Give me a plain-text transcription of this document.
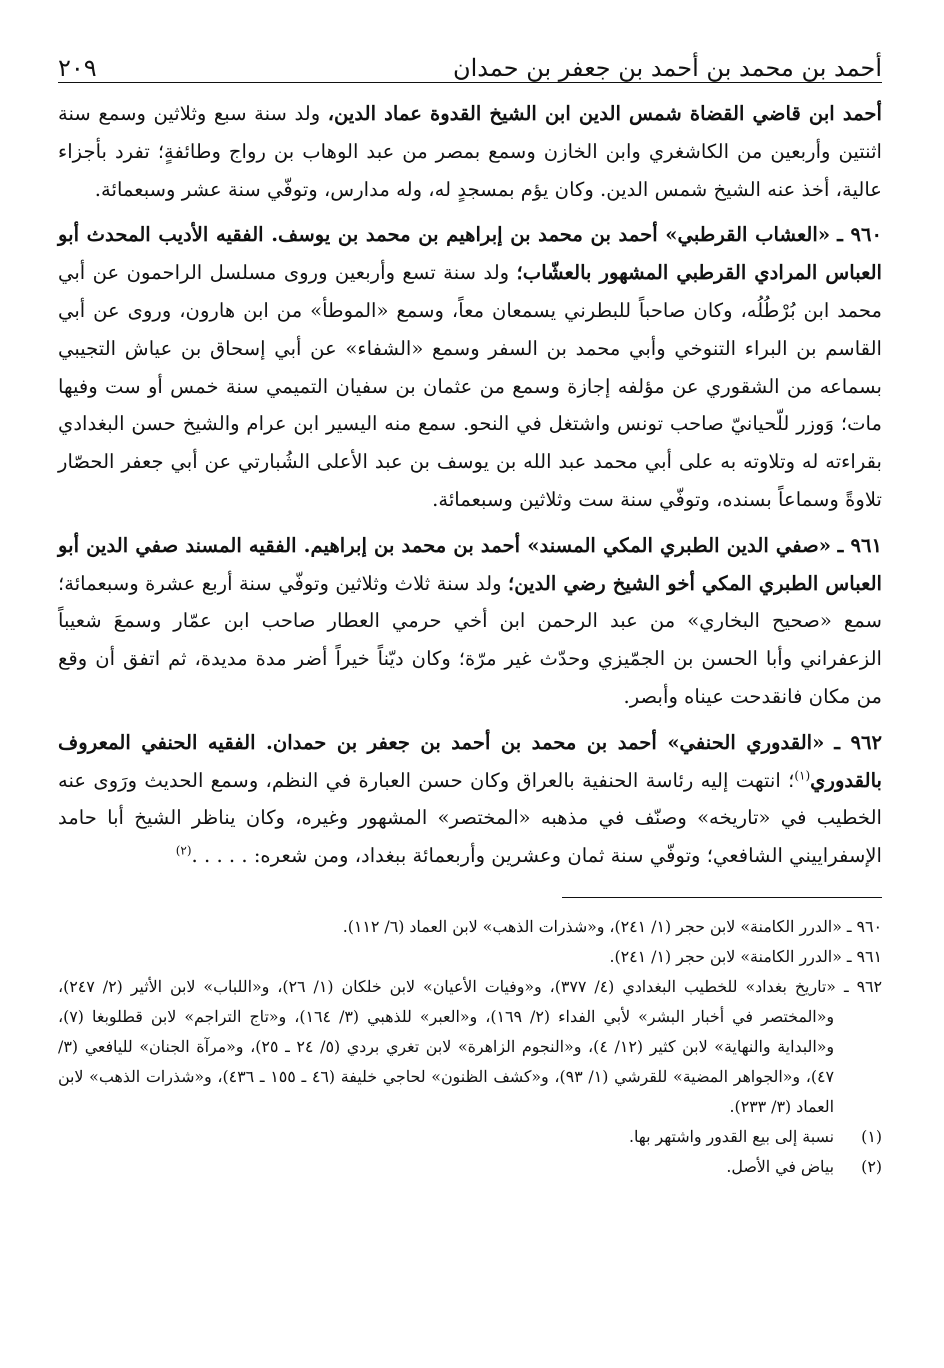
أحمد بن محمد بن أحمد بن جعفر بن حمدان
٢٠٩

أحمد ابن قاضي القضاة شمس الدين ابن الشيخ القدوة عماد الدين، ولد سنة سبع وثلاثين وسمع سنة اثنتين وأربعين من الكاشغري وابن الخازن وسمع بمصر من عبد الوهاب بن رواج وطائفةٍ؛ تفرد بأجزاء عالية، أخذ عنه الشيخ شمس الدين. وكان يؤم بمسجدٍ له، وله مدارس، وتوفّي سنة عشر وسبعمائة.

٩٦٠ ـ «العشاب القرطبي» أحمد بن محمد بن إبراهيم بن محمد بن يوسف. الفقيه الأديب المحدث أبو العباس المرادي القرطبي المشهور بالعشّاب؛ ولد سنة تسع وأربعين وروى مسلسل الراحمون عن أبي محمد ابن بُرْطُلُه، وكان صاحباً للبطرني يسمعان معاً، وسمع «الموطأ» من ابن هارون، وروى عن أبي القاسم بن البراء التنوخي وأبي محمد بن السفر وسمع «الشفاء» عن أبي إسحاق بن عياش التجيبي بسماعه من الشقوري عن مؤلفه إجازة وسمع من عثمان بن سفيان التميمي سنة خمس أو ست وفيها مات؛ وَوزر للّحيانيّ صاحب تونس واشتغل في النحو. سمع منه اليسير ابن عرام والشيخ حسن البغدادي بقراءته له وتلاوته به على أبي محمد عبد الله بن يوسف بن عبد الأعلى الشُبارتي عن أبي جعفر الحصّار تلاوةً وسماعاً بسنده، وتوفّي سنة ست وثلاثين وسبعمائة.

٩٦١ ـ «صفي الدين الطبري المكي المسند» أحمد بن محمد بن إبراهيم. الفقيه المسند صفي الدين أبو العباس الطبري المكي أخو الشيخ رضي الدين؛ ولد سنة ثلاث وثلاثين وتوفّي سنة أربع عشرة وسبعمائة؛ سمع «صحيح البخاري» من عبد الرحمن ابن أخي حرمي العطار صاحب ابن عمّار وسمعَ شعيباً الزعفراني وأبا الحسن بن الجمّيزي وحدّث غير مرّة؛ وكان ديّناً خيراً أضر مدة مديدة، ثم اتفق أن وقع من مكان فانقدحت عيناه وأبصر.

٩٦٢ ـ «القدوري الحنفي» أحمد بن محمد بن أحمد بن جعفر بن حمدان. الفقيه الحنفي المعروف بالقدوري$^{(١)}$؛ انتهت إليه رئاسة الحنفية بالعراق وكان حسن العبارة في النظم، وسمع الحديث ورَوى عنه الخطيب في «تاريخه» وصنّف في مذهبه «المختصر» المشهور وغيره، وكان يناظر الشيخ أبا حامد الإسفراييني الشافعي؛ وتوفّي سنة ثمان وعشرين وأربعمائة ببغداد، ومن شعره: . . . . .$^{(٢)}$

٩٦٠ ـ «الدرر الكامنة» لابن حجر (١/ ٢٤١)، و«شذرات الذهب» لابن العماد (٦/ ١١٢).

٩٦١ ـ «الدرر الكامنة» لابن حجر (١/ ٢٤١).

٩٦٢ ـ «تاريخ بغداد» للخطيب البغدادي (٤/ ٣٧٧)، و«وفيات الأعيان» لابن خلكان (١/ ٢٦)، و«اللباب» لابن الأثير (٢/ ٢٤٧)، و«المختصر في أخبار البشر» لأبي الفداء (٢/ ١٦٩)، و«العبر» للذهبي (٣/ ١٦٤)، و«تاج التراجم» لابن قطلوبغا (٧)، و«البداية والنهاية» لابن كثير (١٢/ ٤)، و«النجوم الزاهرة» لابن تغري بردي (٥/ ٢٤ ـ ٢٥)، و«مرآة الجنان» لليافعي (٣/ ٤٧)، و«الجواهر المضية» للقرشي (١/ ٩٣)، و«كشف الظنون» لحاجي خليفة (٤٦ ـ ١٥٥ ـ ٤٣٦)، و«شذرات الذهب» لابن العماد (٣/ ٢٣٣).

(١)
نسبة إلى بيع القدور واشتهر بها.
(٢)
بياض في الأصل.
